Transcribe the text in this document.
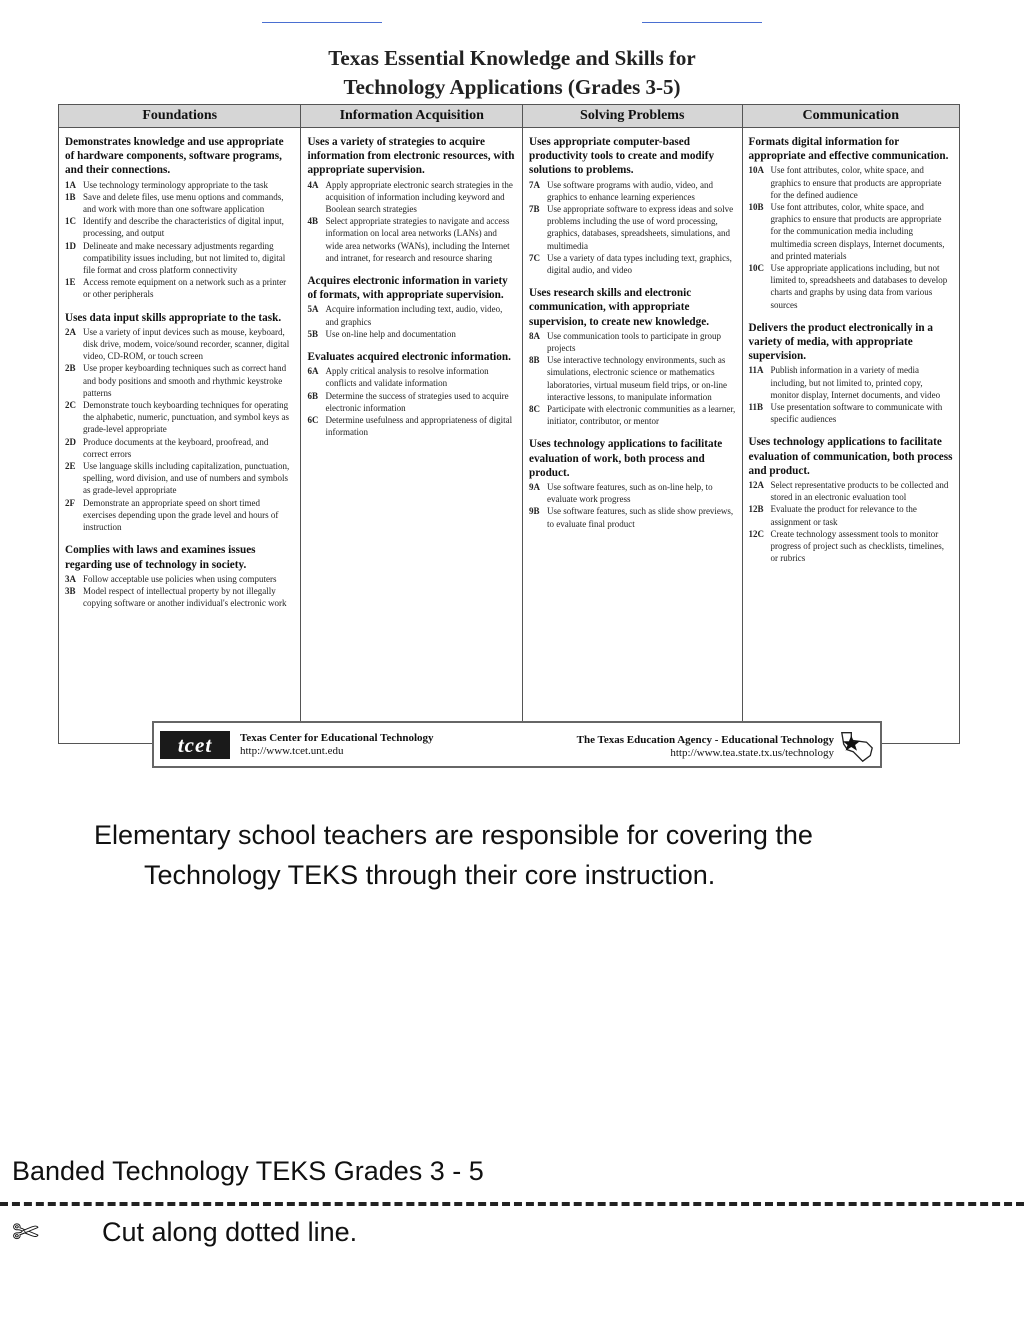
Texas Essential Knowledge and Skills for
Technology Applications (Grades 3-5)
Foundations
Demonstrates knowledge and use appropriate of hardware components, software programs, and their connections.
1A Use technology terminology appropriate to the task
1B Save and delete files, use menu options and commands, and work with more than one software application
1C Identify and describe the characteristics of digital input, processing, and output
1D Delineate and make necessary adjustments regarding compatibility issues including, but not limited to, digital file format and cross platform connectivity
1E Access remote equipment on a network such as a printer or other peripherals
Uses data input skills appropriate to the task.
2A Use a variety of input devices such as mouse, keyboard, disk drive, modem, voice/sound recorder, scanner, digital video, CD-ROM, or touch screen
2B Use proper keyboarding techniques such as correct hand and body positions and smooth and rhythmic keystroke patterns
2C Demonstrate touch keyboarding techniques for operating the alphabetic, numeric, punctuation, and symbol keys as grade-level appropriate
2D Produce documents at the keyboard, proofread, and correct errors
2E Use language skills including capitalization, punctuation, spelling, word division, and use of numbers and symbols as grade-level appropriate
2F Demonstrate an appropriate speed on short timed exercises depending upon the grade level and hours of instruction
Complies with laws and examines issues regarding use of technology in society.
3A Follow acceptable use policies when using computers
3B Model respect of intellectual property by not illegally copying software or another individual's electronic work
Information Acquisition
Uses a variety of strategies to acquire information from electronic resources, with appropriate supervision.
4A Apply appropriate electronic search strategies in the acquisition of information including keyword and Boolean search strategies
4B Select appropriate strategies to navigate and access information on local area networks (LANs) and wide area networks (WANs), including the Internet and intranet, for research and resource sharing
Acquires electronic information in variety of formats, with appropriate supervision.
5A Acquire information including text, audio, video, and graphics
5B Use on-line help and documentation
Evaluates acquired electronic information.
6A Apply critical analysis to resolve information conflicts and validate information
6B Determine the success of strategies used to acquire electronic information
6C Determine usefulness and appropriateness of digital information
Solving Problems
Uses appropriate computer-based productivity tools to create and modify solutions to problems.
7A Use software programs with audio, video, and graphics to enhance learning experiences
7B Use appropriate software to express ideas and solve problems including the use of word processing, graphics, databases, spreadsheets, simulations, and multimedia
7C Use a variety of data types including text, graphics, digital audio, and video
Uses research skills and electronic communication, with appropriate supervision, to create new knowledge.
8A Use communication tools to participate in group projects
8B Use interactive technology environments, such as simulations, electronic science or mathematics laboratories, virtual museum field trips, or on-line interactive lessons, to manipulate information
8C Participate with electronic communities as a learner, initiator, contributor, or mentor
Uses technology applications to facilitate evaluation of work, both process and product.
9A Use software features, such as on-line help, to evaluate work progress
9B Use software features, such as slide show previews, to evaluate final product
Communication
Formats digital information for appropriate and effective communication.
10A Use font attributes, color, white space, and graphics to ensure that products are appropriate for the defined audience
10B Use font attributes, color, white space, and graphics to ensure that products are appropriate for the communication media including multimedia screen displays, Internet documents, and printed materials
10C Use appropriate applications including, but not limited to, spreadsheets and databases to develop charts and graphs by using data from various sources
Delivers the product electronically in a variety of media, with appropriate supervision.
11A Publish information in a variety of media including, but not limited to, printed copy, monitor display, Internet documents, and video
11B Use presentation software to communicate with specific audiences
Uses technology applications to facilitate evaluation of communication, both process and product.
12A Select representative products to be collected and stored in an electronic evaluation tool
12B Evaluate the product for relevance to the assignment or task
12C Create technology assessment tools to monitor progress of project such as checklists, timelines, or rubrics
tcet	Texas Center for Educational Technology
http://www.tcet.unt.edu
The Texas Education Agency - Educational Technology
http://www.tea.state.tx.us/technology
Elementary school teachers are responsible for covering the
Technology TEKS through their core instruction.
Banded Technology TEKS Grades 3 - 5
✄ Cut along dotted line.
